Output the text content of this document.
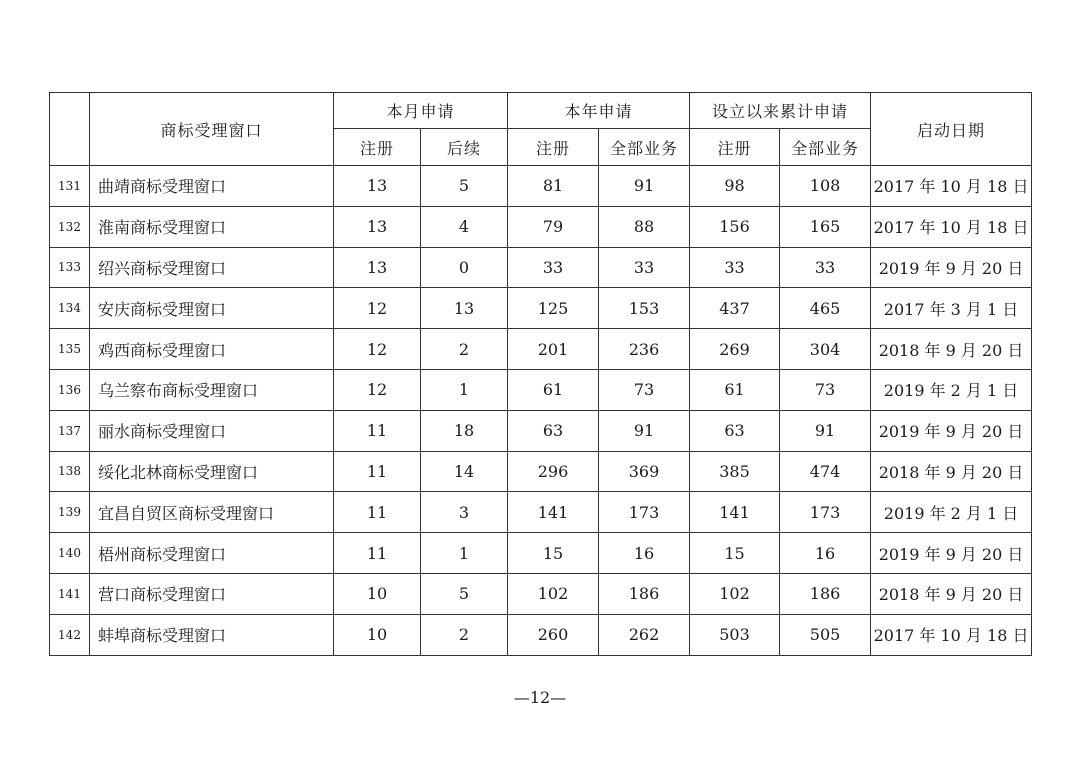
	商标受理窗口	本月申请		本年申请		设立以来累计申请		启动日期
		注册	后续	注册	全部业务	注册	全部业务	
131	曲靖商标受理窗口	13	5	81	91	98	108	2017 年 10 月 18 日
132	淮南商标受理窗口	13	4	79	88	156	165	2017 年 10 月 18 日
133	绍兴商标受理窗口	13	0	33	33	33	33	2019 年 9 月 20 日
134	安庆商标受理窗口	12	13	125	153	437	465	2017 年 3 月 1 日
135	鸡西商标受理窗口	12	2	201	236	269	304	2018 年 9 月 20 日
136	乌兰察布商标受理窗口	12	1	61	73	61	73	2019 年 2 月 1 日
137	丽水商标受理窗口	11	18	63	91	63	91	2019 年 9 月 20 日
138	绥化北林商标受理窗口	11	14	296	369	385	474	2018 年 9 月 20 日
139	宜昌自贸区商标受理窗口	11	3	141	173	141	173	2019 年 2 月 1 日
140	梧州商标受理窗口	11	1	15	16	15	16	2019 年 9 月 20 日
141	营口商标受理窗口	10	5	102	186	102	186	2018 年 9 月 20 日
142	蚌埠商标受理窗口	10	2	260	262	503	505	2017 年 10 月 18 日
—12—
